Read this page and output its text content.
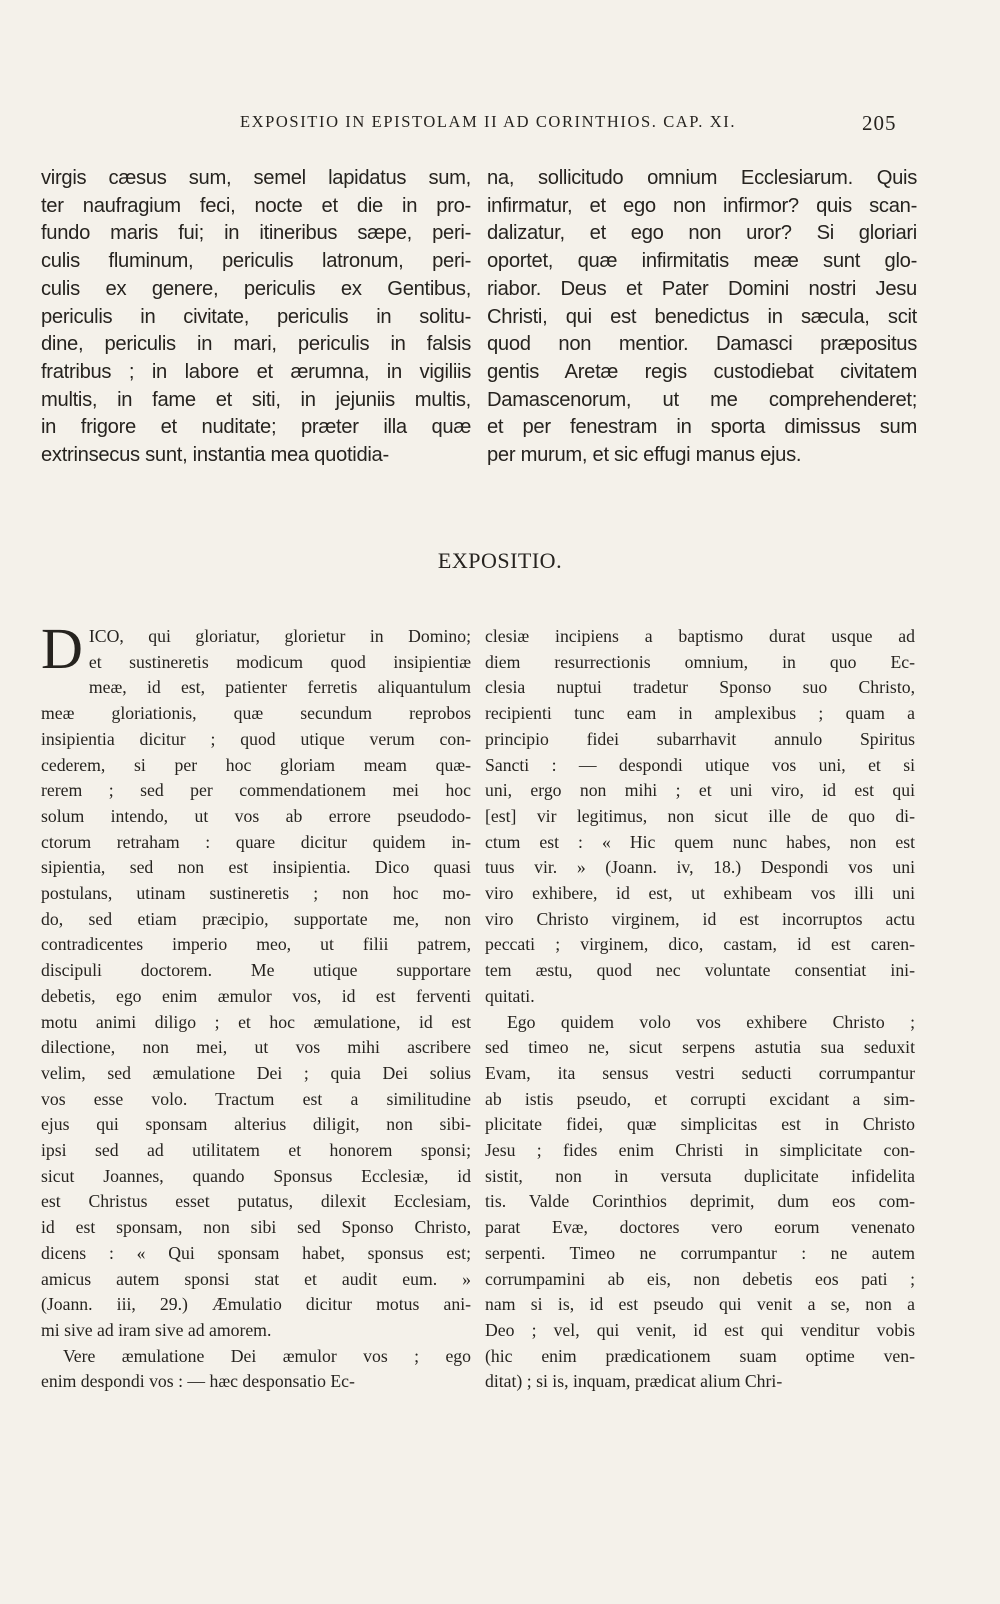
EXPOSITIO IN EPISTOLAM II AD CORINTHIOS. CAP. XI.	205
virgis cæsus sum, semel lapidatus sum,
ter naufragium feci, nocte et die in pro-
fundo maris fui; in itineribus sæpe, peri-
culis fluminum, periculis latronum, peri-
culis ex genere, periculis ex Gentibus,
periculis in civitate, periculis in solitu-
dine, periculis in mari, periculis in falsis
fratribus ; in labore et ærumna, in vigiliis
multis, in fame et siti, in jejuniis multis,
in frigore et nuditate; præter illa quæ
extrinsecus sunt, instantia mea quotidia-
na, sollicitudo omnium Ecclesiarum. Quis
infirmatur, et ego non infirmor? quis scan-
dalizatur, et ego non uror? Si gloriari
oportet, quæ infirmitatis meæ sunt glo-
riabor. Deus et Pater Domini nostri Jesu
Christi, qui est benedictus in sæcula, scit
quod non mentior. Damasci præpositus
gentis Aretæ regis custodiebat civitatem
Damascenorum, ut me comprehenderet;
et per fenestram in sporta dimissus sum
per murum, et sic effugi manus ejus.
EXPOSITIO.
D ICO, qui gloriatur, glorietur in Domino;
et sustineretis modicum quod insipientiæ
meæ, id est, patienter ferretis aliquantulum
meæ gloriationis, quæ secundum reprobos
insipientia dicitur ; quod utique verum con-
cederem, si per hoc gloriam meam quæ-
rerem ; sed per commendationem mei hoc
solum intendo, ut vos ab errore pseudodo-
ctorum retraham : quare dicitur quidem in-
sipientia, sed non est insipientia. Dico quasi
postulans, utinam sustineretis ; non hoc mo-
do, sed etiam præcipio, supportate me, non
contradicentes imperio meo, ut filii patrem,
discipuli doctorem. Me utique supportare
debetis, ego enim æmulor vos, id est ferventi
motu animi diligo ; et hoc æmulatione, id est
dilectione, non mei, ut vos mihi ascribere
velim, sed æmulatione Dei ; quia Dei solius
vos esse volo. Tractum est a similitudine
ejus qui sponsam alterius diligit, non sibi-
ipsi sed ad utilitatem et honorem sponsi;
sicut Joannes, quando Sponsus Ecclesiæ, id
est Christus esset putatus, dilexit Ecclesiam,
id est sponsam, non sibi sed Sponso Christo,
dicens : « Qui sponsam habet, sponsus est;
amicus autem sponsi stat et audit eum. »
(Joann. iii, 29.) Æmulatio dicitur motus ani-
mi sive ad iram sive ad amorem.
Vere æmulatione Dei æmulor vos ; ego
enim despondi vos : — hæc desponsatio Ec-
clesiæ incipiens a baptismo durat usque ad
diem resurrectionis omnium, in quo Ec-
clesia nuptui tradetur Sponso suo Christo,
recipienti tunc eam in amplexibus ; quam a
principio fidei subarrhavit annulo Spiritus
Sancti : — despondi utique vos uni, et si
uni, ergo non mihi ; et uni viro, id est qui
[est] vir legitimus, non sicut ille de quo di-
ctum est : « Hic quem nunc habes, non est
tuus vir. » (Joann. iv, 18.) Despondi vos uni
viro exhibere, id est, ut exhibeam vos illi uni
viro Christo virginem, id est incorruptos actu
peccati ; virginem, dico, castam, id est caren-
tem æstu, quod nec voluntate consentiat ini-
quitati.
Ego quidem volo vos exhibere Christo ;
sed timeo ne, sicut serpens astutia sua seduxit
Evam, ita sensus vestri seducti corrumpantur
ab istis pseudo, et corrupti excidant a sim-
plicitate fidei, quæ simplicitas est in Christo
Jesu ; fides enim Christi in simplicitate con-
sistit, non in versuta duplicitate infidelita
tis. Valde Corinthios deprimit, dum eos com-
parat Evæ, doctores vero eorum venenato
serpenti. Timeo ne corrumpantur : ne autem
corrumpamini ab eis, non debetis eos pati ;
nam si is, id est pseudo qui venit a se, non a
Deo ; vel, qui venit, id est qui venditur vobis
(hic enim prædicationem suam optime ven-
ditat) ; si is, inquam, prædicat alium Chri-
